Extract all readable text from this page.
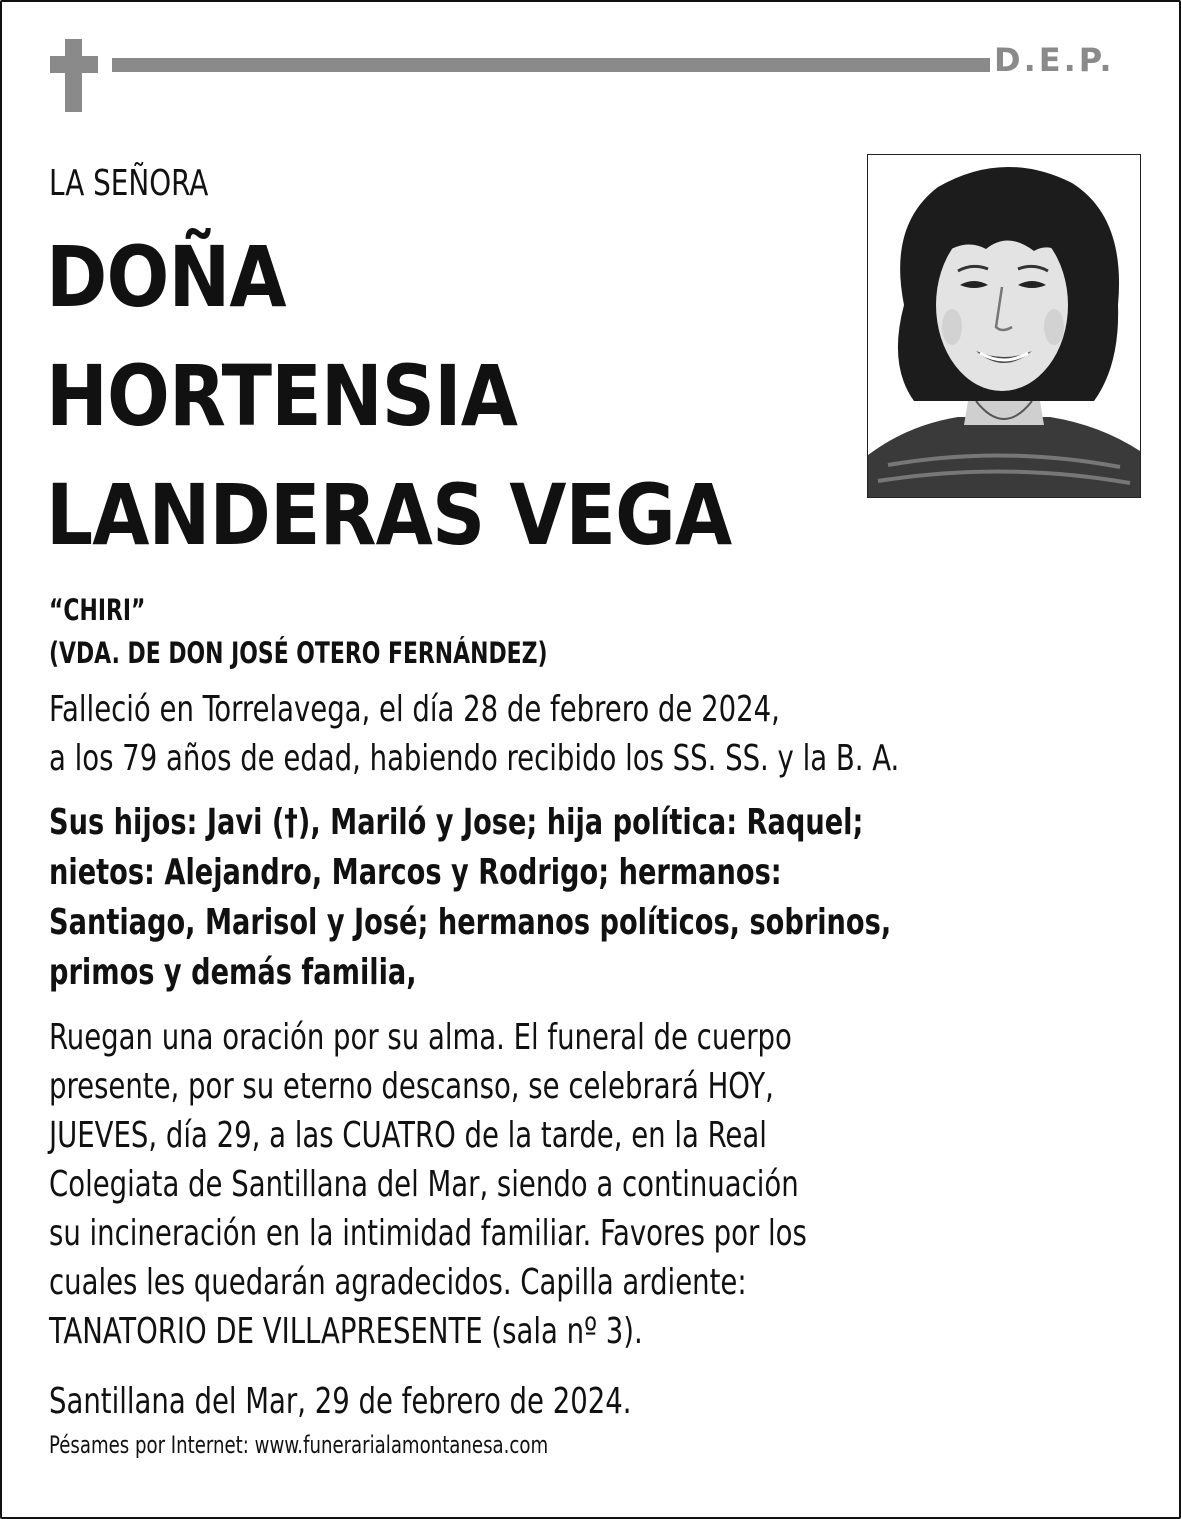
D.E.P.
LA SEÑORA
DOÑA
HORTENSIA
LANDERAS VEGA
“CHIRI”
(VDA. DE DON JOSÉ OTERO FERNÁNDEZ)
Falleció en Torrelavega, el día 28 de febrero de 2024,
a los 79 años de edad, habiendo recibido los SS. SS. y la B. A.
Sus hijos: Javi (†), Mariló y Jose; hija política: Raquel;
nietos: Alejandro, Marcos y Rodrigo; hermanos:
Santiago, Marisol y José; hermanos políticos, sobrinos,
primos y demás familia,
Ruegan una oración por su alma. El funeral de cuerpo
presente, por su eterno descanso, se celebrará HOY,
JUEVES, día 29, a las CUATRO de la tarde, en la Real
Colegiata de Santillana del Mar, siendo a continuación
su incineración en la intimidad familiar. Favores por los
cuales les quedarán agradecidos. Capilla ardiente:
TANATORIO DE VILLAPRESENTE (sala nº 3).
Santillana del Mar, 29 de febrero de 2024.
Pésames por Internet: www.funerarialamontanesa.com
